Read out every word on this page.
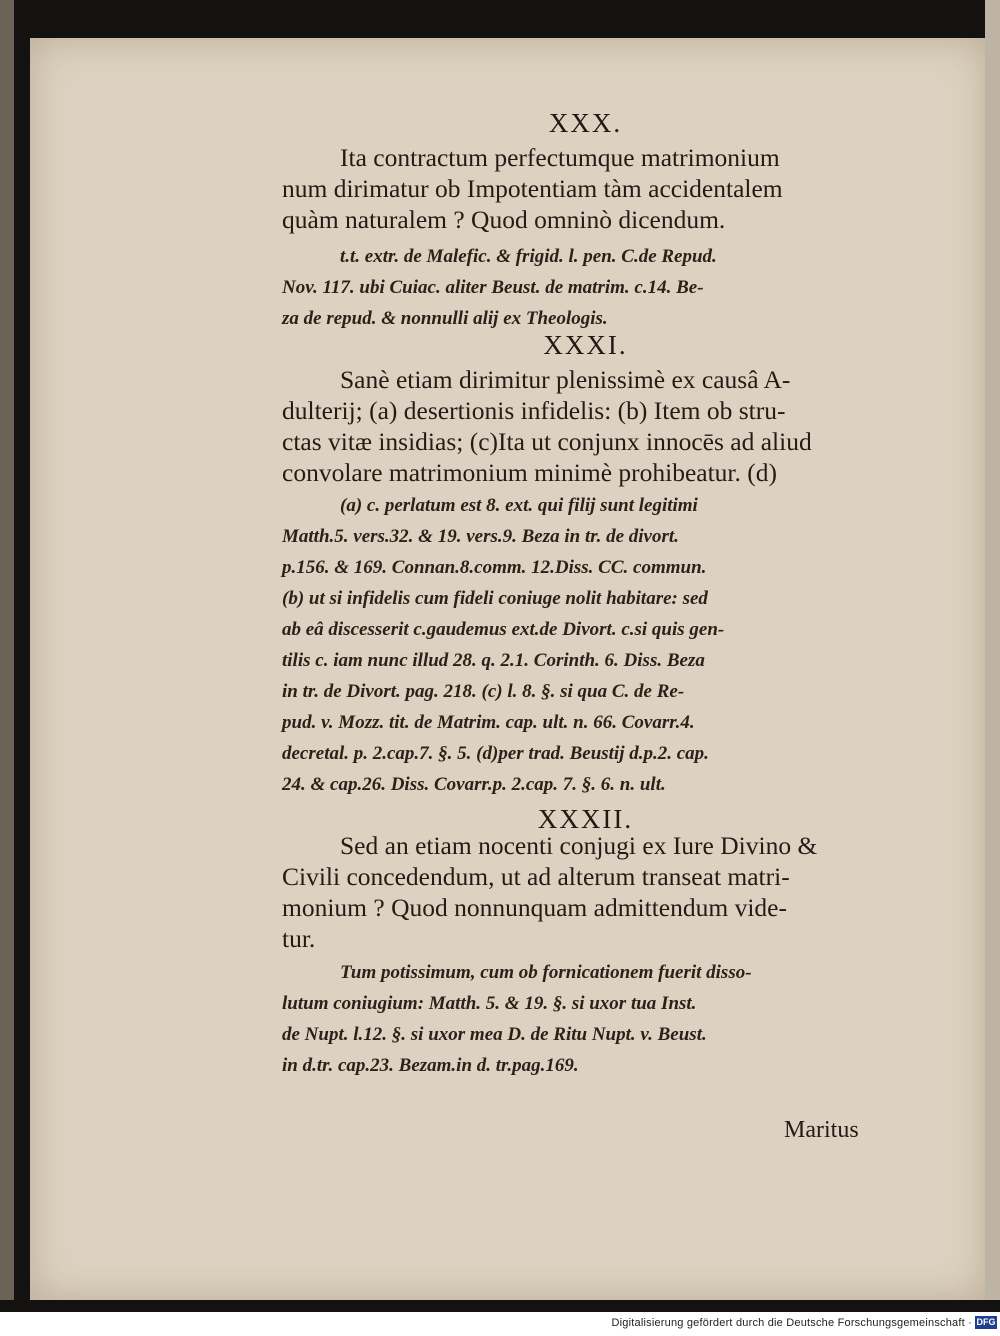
XXX.
Ita contractum perfectumque matrimonium
num dirimatur ob Impotentiam tàm accidentalem
quàm naturalem ? Quod omninò dicendum.
t.t. extr. de Malefic. & frigid. l. pen. C.de Repud.
Nov. 117. ubi Cuiac. aliter Beust. de matrim. c.14. Be-
za de repud. & nonnulli alij ex Theologis.
XXXI.
Sanè etiam dirimitur plenissimè ex causâ A-
dulterij; (a) desertionis infidelis: (b) Item ob stru-
ctas vitæ insidias; (c)Ita ut conjunx innocēs ad aliud
convolare matrimonium minimè prohibeatur. (d)
(a) c. perlatum est 8. ext. qui filij sunt legitimi
Matth.5. vers.32. & 19. vers.9. Beza in tr. de divort.
p.156. & 169. Connan.8.comm. 12.Diss. CC. commun.
(b) ut si infidelis cum fideli coniuge nolit habitare: sed
ab eâ discesserit c.gaudemus ext.de Divort. c.si quis gen-
tilis c. iam nunc illud 28. q. 2.1. Corinth. 6. Diss. Beza
in tr. de Divort. pag. 218. (c) l. 8. §. si qua C. de Re-
pud. v. Mozz. tit. de Matrim. cap. ult. n. 66. Covarr.4.
decretal. p. 2.cap.7. §. 5. (d)per trad. Beustij d.p.2. cap.
24. & cap.26. Diss. Covarr.p. 2.cap. 7. §. 6. n. ult.
XXXII.
Sed an etiam nocenti conjugi ex Iure Divino &
Civili concedendum, ut ad alterum transeat matri-
monium ? Quod nonnunquam admittendum vide-
tur.
Tum potissimum, cum ob fornicationem fuerit disso-
lutum coniugium: Matth. 5. & 19. §. si uxor tua Inst.
de Nupt. l.12. §. si uxor mea D. de Ritu Nupt. v. Beust.
in d.tr. cap.23. Bezam.in d. tr.pag.169.
Maritus
Digitalisierung gefördert durch die Deutsche Forschungsgemeinschaft · DFG
